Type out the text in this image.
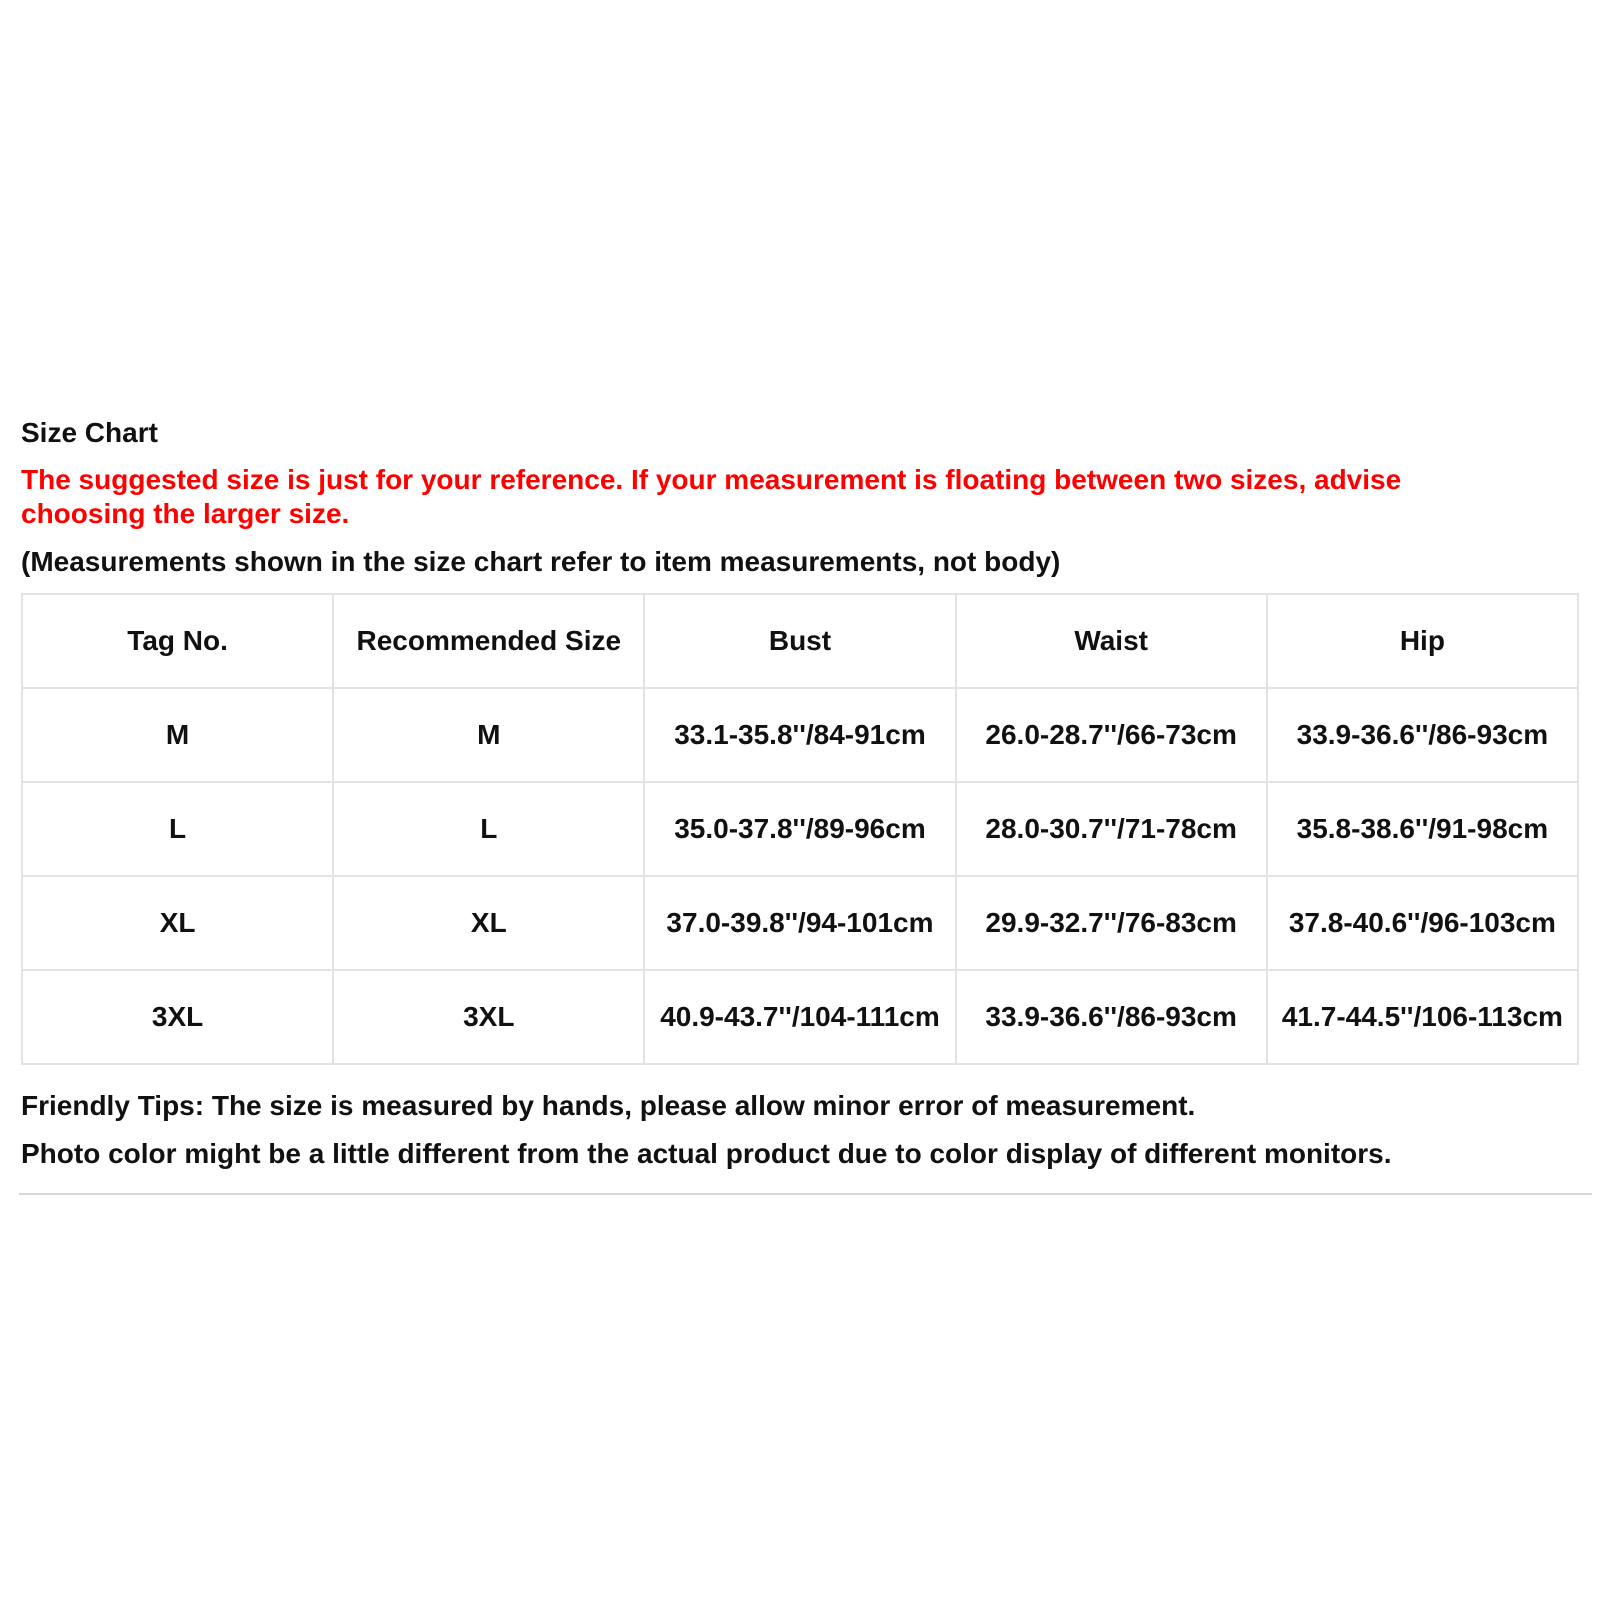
Size Chart

The suggested size is just for your reference. If your measurement is floating between two sizes, advise choosing the larger size.

(Measurements shown in the size chart refer to item measurements, not body)

Tag No.	Recommended Size	Bust	Waist	Hip
M	M	33.1-35.8''/84-91cm	26.0-28.7''/66-73cm	33.9-36.6''/86-93cm
L	L	35.0-37.8''/89-96cm	28.0-30.7''/71-78cm	35.8-38.6''/91-98cm
XL	XL	37.0-39.8''/94-101cm	29.9-32.7''/76-83cm	37.8-40.6''/96-103cm
3XL	3XL	40.9-43.7''/104-111cm	33.9-36.6''/86-93cm	41.7-44.5''/106-113cm

Friendly Tips: The size is measured by hands, please allow minor error of measurement.

Photo color might be a little different from the actual product due to color display of different monitors.
